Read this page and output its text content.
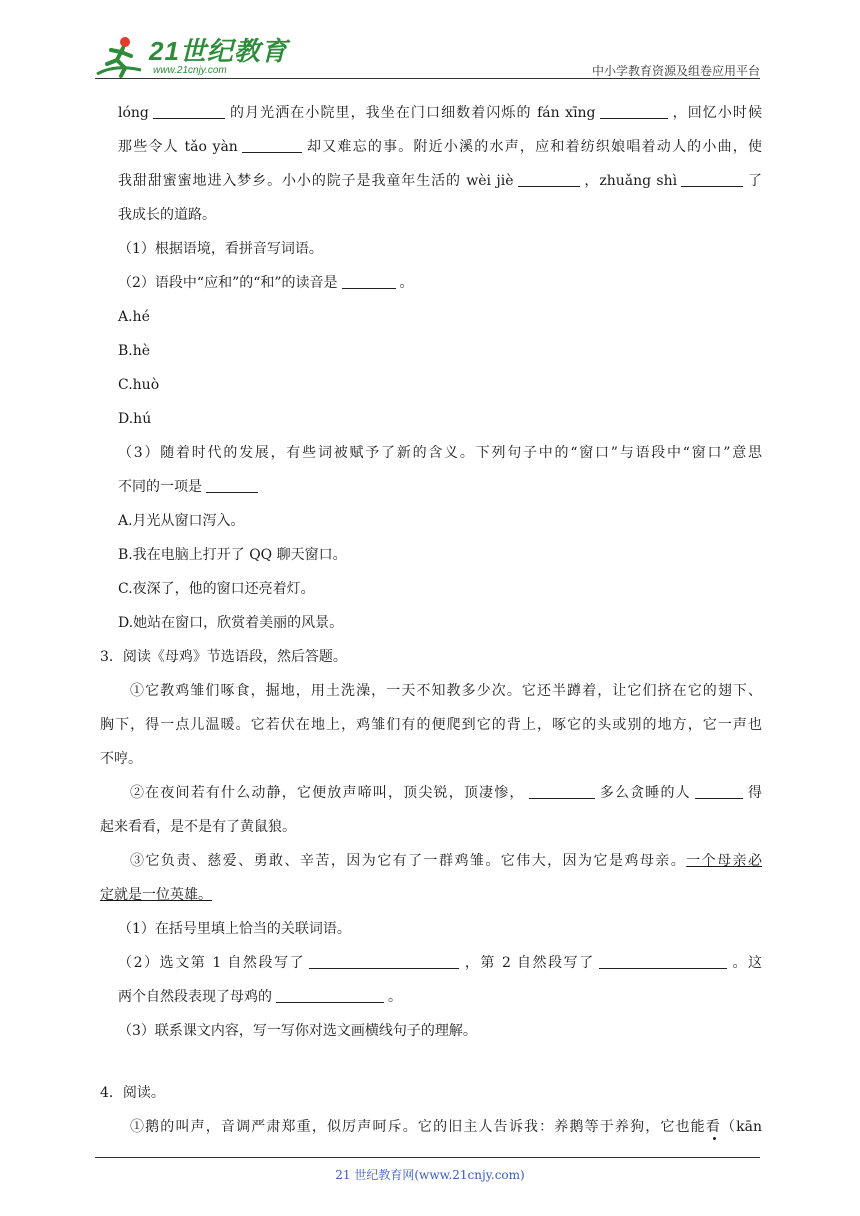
21世纪教育
www.21cnjy.com	中小学教育资源及组卷应用平台
lóng	的月光洒在小院里，我坐在门口细数着闪烁的 fán xīng	，回忆小时候
那些令人 tǎo yàn	却又难忘的事。附近小溪的水声，应和着纺织娘唱着动人的小曲，使
我甜甜蜜蜜地进入梦乡。小小的院子是我童年生活的 wèi jiè	，zhuǎng shì	了
我成长的道路。
（1）根据语境，看拼音写词语。
（2）语段中“应和”的“和”的读音是	。
A.hé
B.hè
C.huò
D.hú
（3）随着时代的发展，有些词被赋予了新的含义。下列句子中的“窗口”与语段中“窗口”意思
不同的一项是
A.月光从窗口泻入。
B.我在电脑上打开了 QQ 聊天窗口。
C.夜深了，他的窗口还亮着灯。
D.她站在窗口，欣赏着美丽的风景。
3．阅读《母鸡》节选语段，然后答题。
①它教鸡雏们啄食，掘地，用土洗澡，一天不知教多少次。它还半蹲着，让它们挤在它的翅下、
胸下，得一点儿温暖。它若伏在地上，鸡雏们有的便爬到它的背上，啄它的头或别的地方，它一声也
不哼。
②在夜间若有什么动静，它便放声啼叫，顶尖锐，顶凄惨，	多么贪睡的人	得
起来看看，是不是有了黄鼠狼。
③它负责、慈爱、勇敢、辛苦，因为它有了一群鸡雏。它伟大，因为它是鸡母亲。一个母亲必
定就是一位英雄。
（1）在括号里填上恰当的关联词语。
（2）选文第 1 自然段写了	，第 2 自然段写了	。这
两个自然段表现了母鸡的	。
（3）联系课文内容，写一写你对选文画横线句子的理解。
4．阅读。
①鹅的叫声，音调严肃郑重，似厉声呵斥。它的旧主人告诉我：养鹅等于养狗，它也能看（kān
21 世纪教育网(www.21cnjy.com)
